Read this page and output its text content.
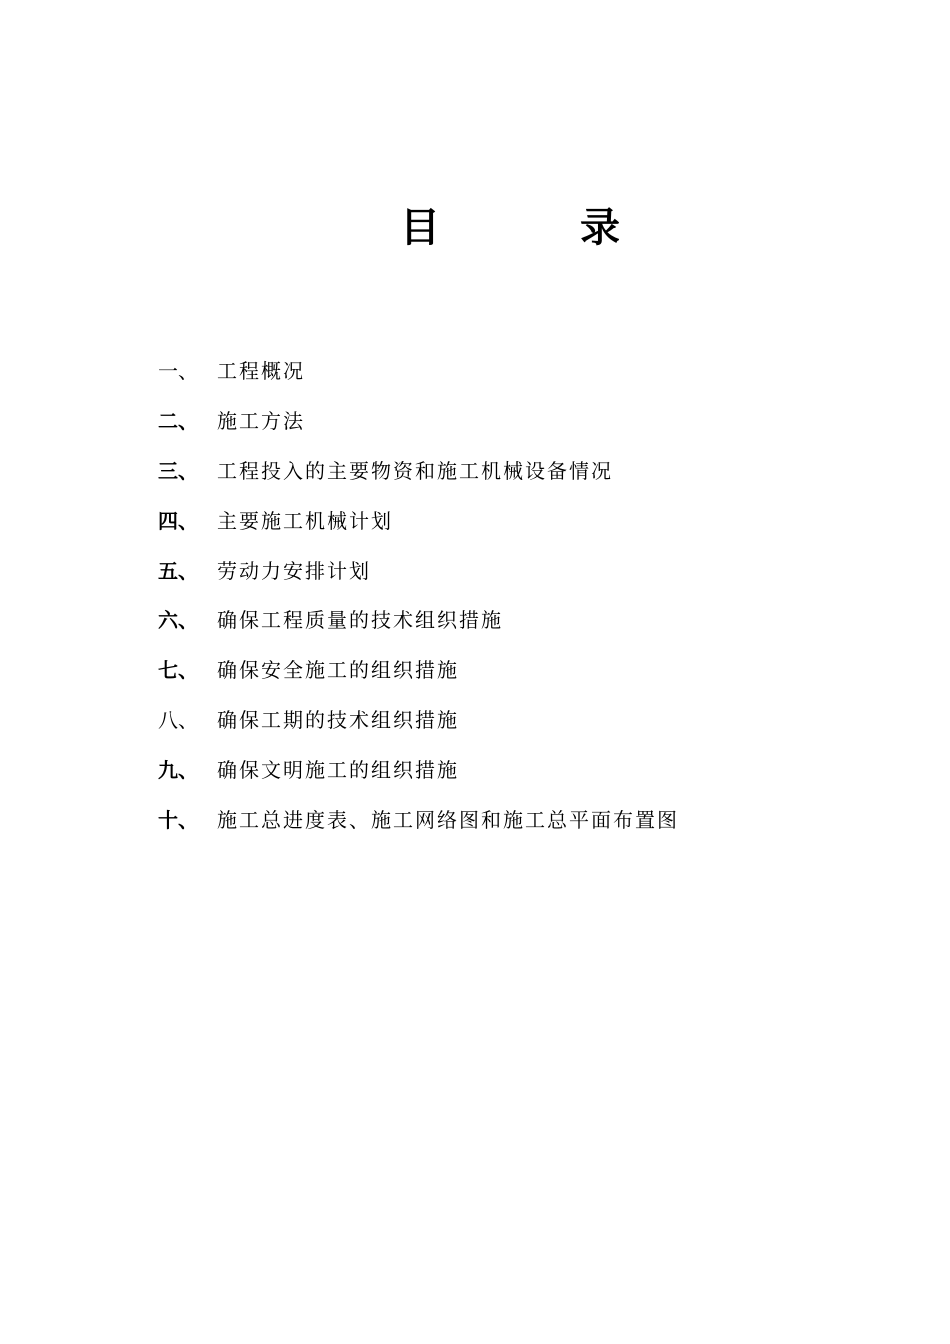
目	录
一、 工程概况
二、 施工方法
三、 工程投入的主要物资和施工机械设备情况
四、 主要施工机械计划
五、 劳动力安排计划
六、 确保工程质量的技术组织措施
七、 确保安全施工的组织措施
八、 确保工期的技术组织措施
九、 确保文明施工的组织措施
十、 施工总进度表、施工网络图和施工总平面布置图
